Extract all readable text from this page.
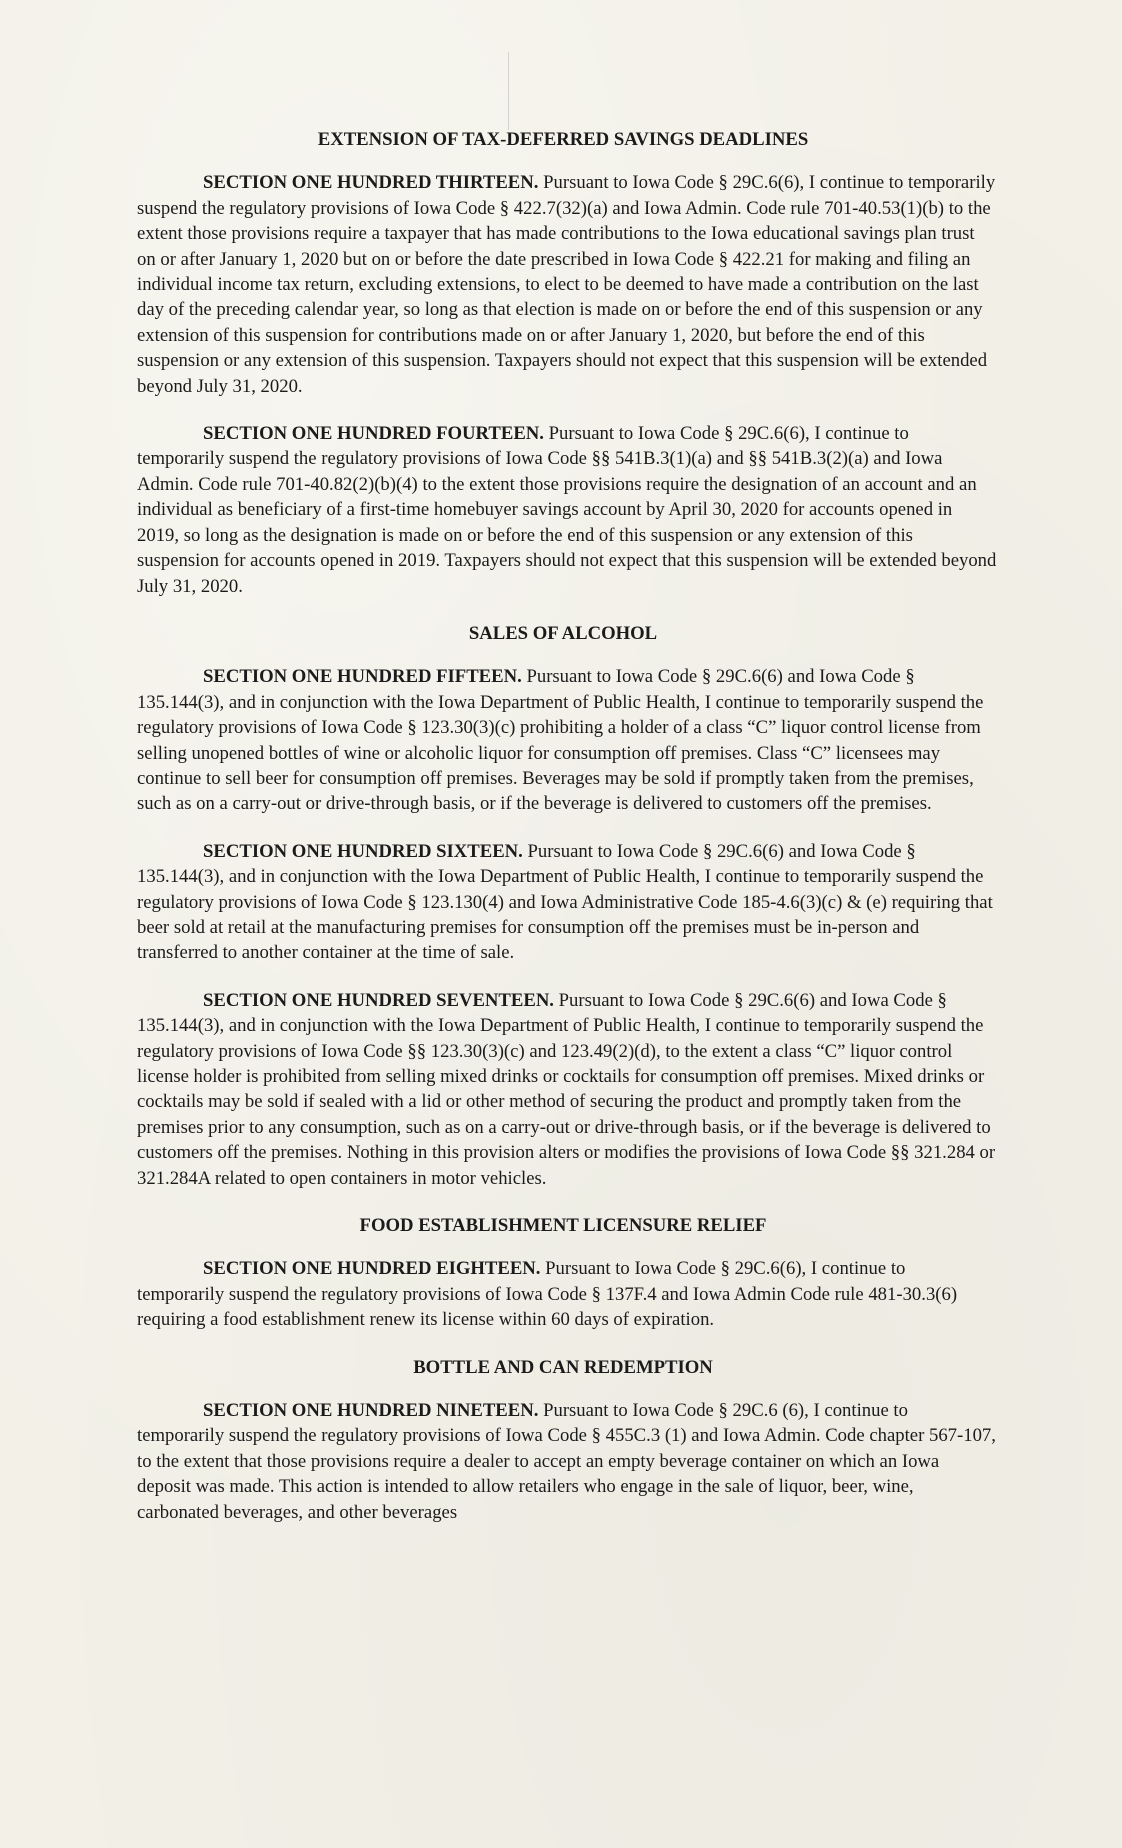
EXTENSION OF TAX-DEFERRED SAVINGS DEADLINES

SECTION ONE HUNDRED THIRTEEN. Pursuant to Iowa Code § 29C.6(6), I continue to temporarily suspend the regulatory provisions of Iowa Code § 422.7(32)(a) and Iowa Admin. Code rule 701-40.53(1)(b) to the extent those provisions require a taxpayer that has made contributions to the Iowa educational savings plan trust on or after January 1, 2020 but on or before the date prescribed in Iowa Code § 422.21 for making and filing an individual income tax return, excluding extensions, to elect to be deemed to have made a contribution on the last day of the preceding calendar year, so long as that election is made on or before the end of this suspension or any extension of this suspension for contributions made on or after January 1, 2020, but before the end of this suspension or any extension of this suspension. Taxpayers should not expect that this suspension will be extended beyond July 31, 2020.

SECTION ONE HUNDRED FOURTEEN. Pursuant to Iowa Code § 29C.6(6), I continue to temporarily suspend the regulatory provisions of Iowa Code §§ 541B.3(1)(a) and §§ 541B.3(2)(a) and Iowa Admin. Code rule 701-40.82(2)(b)(4) to the extent those provisions require the designation of an account and an individual as beneficiary of a first-time homebuyer savings account by April 30, 2020 for accounts opened in 2019, so long as the designation is made on or before the end of this suspension or any extension of this suspension for accounts opened in 2019. Taxpayers should not expect that this suspension will be extended beyond July 31, 2020.

SALES OF ALCOHOL

SECTION ONE HUNDRED FIFTEEN. Pursuant to Iowa Code § 29C.6(6) and Iowa Code § 135.144(3), and in conjunction with the Iowa Department of Public Health, I continue to temporarily suspend the regulatory provisions of Iowa Code § 123.30(3)(c) prohibiting a holder of a class “C” liquor control license from selling unopened bottles of wine or alcoholic liquor for consumption off premises. Class “C” licensees may continue to sell beer for consumption off premises. Beverages may be sold if promptly taken from the premises, such as on a carry-out or drive-through basis, or if the beverage is delivered to customers off the premises.

SECTION ONE HUNDRED SIXTEEN. Pursuant to Iowa Code § 29C.6(6) and Iowa Code § 135.144(3), and in conjunction with the Iowa Department of Public Health, I continue to temporarily suspend the regulatory provisions of Iowa Code § 123.130(4) and Iowa Administrative Code 185-4.6(3)(c) & (e) requiring that beer sold at retail at the manufacturing premises for consumption off the premises must be in-person and transferred to another container at the time of sale.

SECTION ONE HUNDRED SEVENTEEN. Pursuant to Iowa Code § 29C.6(6) and Iowa Code § 135.144(3), and in conjunction with the Iowa Department of Public Health, I continue to temporarily suspend the regulatory provisions of Iowa Code §§ 123.30(3)(c) and 123.49(2)(d), to the extent a class “C” liquor control license holder is prohibited from selling mixed drinks or cocktails for consumption off premises. Mixed drinks or cocktails may be sold if sealed with a lid or other method of securing the product and promptly taken from the premises prior to any consumption, such as on a carry-out or drive-through basis, or if the beverage is delivered to customers off the premises. Nothing in this provision alters or modifies the provisions of Iowa Code §§ 321.284 or 321.284A related to open containers in motor vehicles.

FOOD ESTABLISHMENT LICENSURE RELIEF

SECTION ONE HUNDRED EIGHTEEN. Pursuant to Iowa Code § 29C.6(6), I continue to temporarily suspend the regulatory provisions of Iowa Code § 137F.4 and Iowa Admin Code rule 481-30.3(6) requiring a food establishment renew its license within 60 days of expiration.

BOTTLE AND CAN REDEMPTION

SECTION ONE HUNDRED NINETEEN. Pursuant to Iowa Code § 29C.6 (6), I continue to temporarily suspend the regulatory provisions of Iowa Code § 455C.3 (1) and Iowa Admin. Code chapter 567-107, to the extent that those provisions require a dealer to accept an empty beverage container on which an Iowa deposit was made. This action is intended to allow retailers who engage in the sale of liquor, beer, wine, carbonated beverages, and other beverages
